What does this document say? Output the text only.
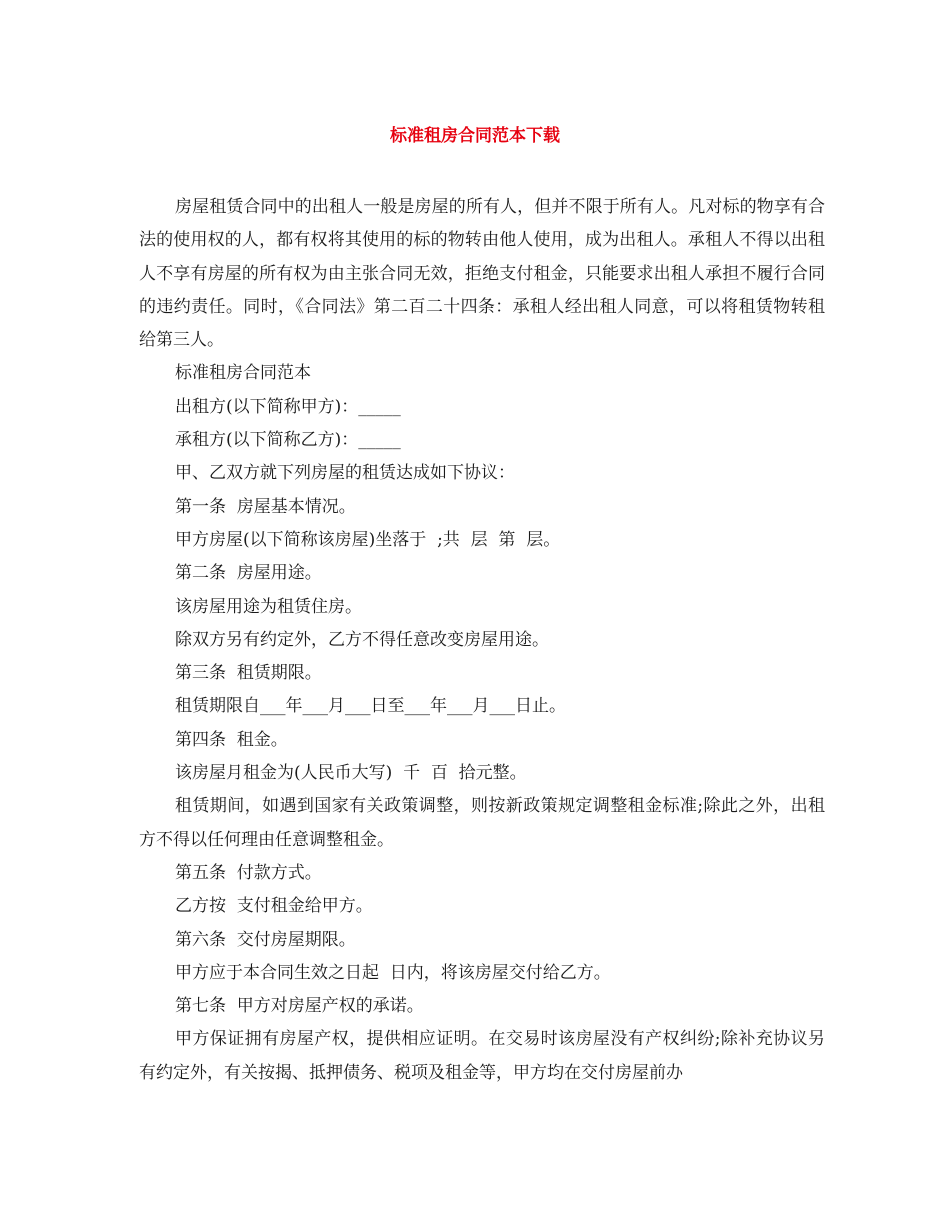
标准租房合同范本下载

房屋租赁合同中的出租人一般是房屋的所有人，但并不限于所有人。凡对标的物享有合法的使用权的人，都有权将其使用的标的物转由他人使用，成为出租人。承租人不得以出租人不享有房屋的所有权为由主张合同无效，拒绝支付租金，只能要求出租人承担不履行合同的违约责任。同时，《合同法》第二百二十四条：承租人经出租人同意，可以将租赁物转租给第三人。

标准租房合同范本

出租方(以下简称甲方)：_____

承租方(以下简称乙方)：_____

甲、乙双方就下列房屋的租赁达成如下协议：

第一条  房屋基本情况。

甲方房屋(以下简称该房屋)坐落于  ;共  层  第  层。

第二条  房屋用途。

该房屋用途为租赁住房。

除双方另有约定外，乙方不得任意改变房屋用途。

第三条  租赁期限。

租赁期限自___年___月___日至___年___月___日止。

第四条  租金。

该房屋月租金为(人民币大写)  千  百  拾元整。

租赁期间，如遇到国家有关政策调整，则按新政策规定调整租金标准;除此之外，出租方不得以任何理由任意调整租金。

第五条  付款方式。

乙方按  支付租金给甲方。

第六条  交付房屋期限。

甲方应于本合同生效之日起  日内，将该房屋交付给乙方。

第七条  甲方对房屋产权的承诺。

甲方保证拥有房屋产权，提供相应证明。在交易时该房屋没有产权纠纷;除补充协议另有约定外，有关按揭、抵押债务、税项及租金等，甲方均在交付房屋前办
